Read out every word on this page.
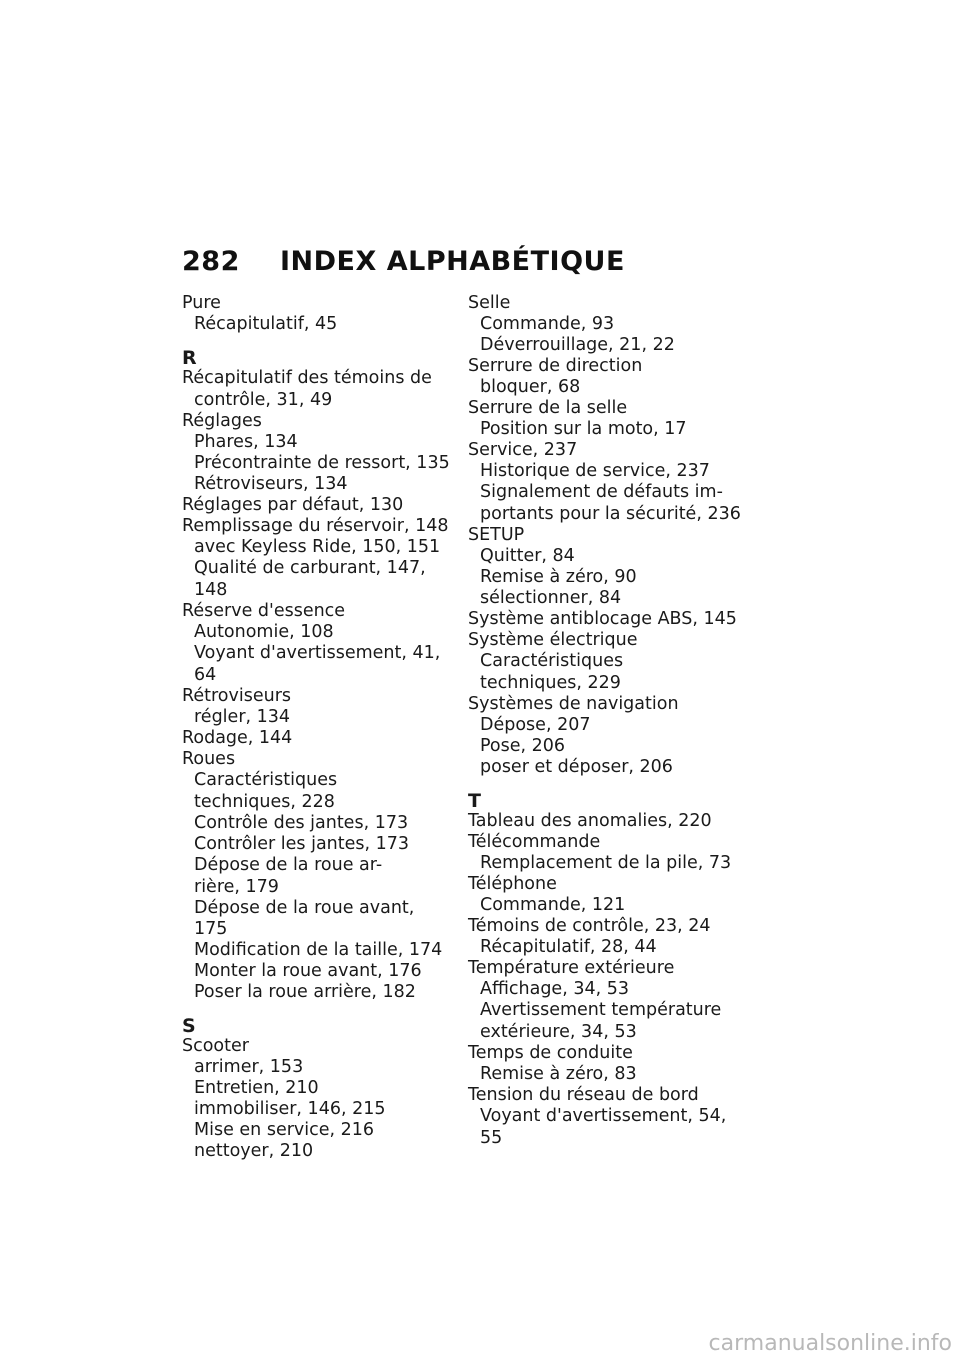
282	INDEX ALPHABÉTIQUE
Pure
Récapitulatif, 45
R
Récapitulatif des témoins de
contrôle, 31, 49
Réglages
Phares, 134
Précontrainte de ressort, 135
Rétroviseurs, 134
Réglages par défaut, 130
Remplissage du réservoir, 148
avec Keyless Ride, 150, 151
Qualité de carburant, 147,
148
Réserve d'essence
Autonomie, 108
Voyant d'avertissement, 41,
64
Rétroviseurs
régler, 134
Rodage, 144
Roues
Caractéristiques
techniques, 228
Contrôle des jantes, 173
Contrôler les jantes, 173
Dépose de la roue ar-
rière, 179
Dépose de la roue avant, 175
Modification de la taille, 174
Monter la roue avant, 176
Poser la roue arrière, 182
S
Scooter
arrimer, 153
Entretien, 210
immobiliser, 146, 215
Mise en service, 216
nettoyer, 210
Selle
Commande, 93
Déverrouillage, 21, 22
Serrure de direction
bloquer, 68
Serrure de la selle
Position sur la moto, 17
Service, 237
Historique de service, 237
Signalement de défauts im-
portants pour la sécurité, 236
SETUP
Quitter, 84
Remise à zéro, 90
sélectionner, 84
Système antiblocage ABS, 145
Système électrique
Caractéristiques
techniques, 229
Systèmes de navigation
Dépose, 207
Pose, 206
poser et déposer, 206
T
Tableau des anomalies, 220
Télécommande
Remplacement de la pile, 73
Téléphone
Commande, 121
Témoins de contrôle, 23, 24
Récapitulatif, 28, 44
Température extérieure
Affichage, 34, 53
Avertissement température
extérieure, 34, 53
Temps de conduite
Remise à zéro, 83
Tension du réseau de bord
Voyant d'avertissement, 54,
55
carmanualsonline.info
